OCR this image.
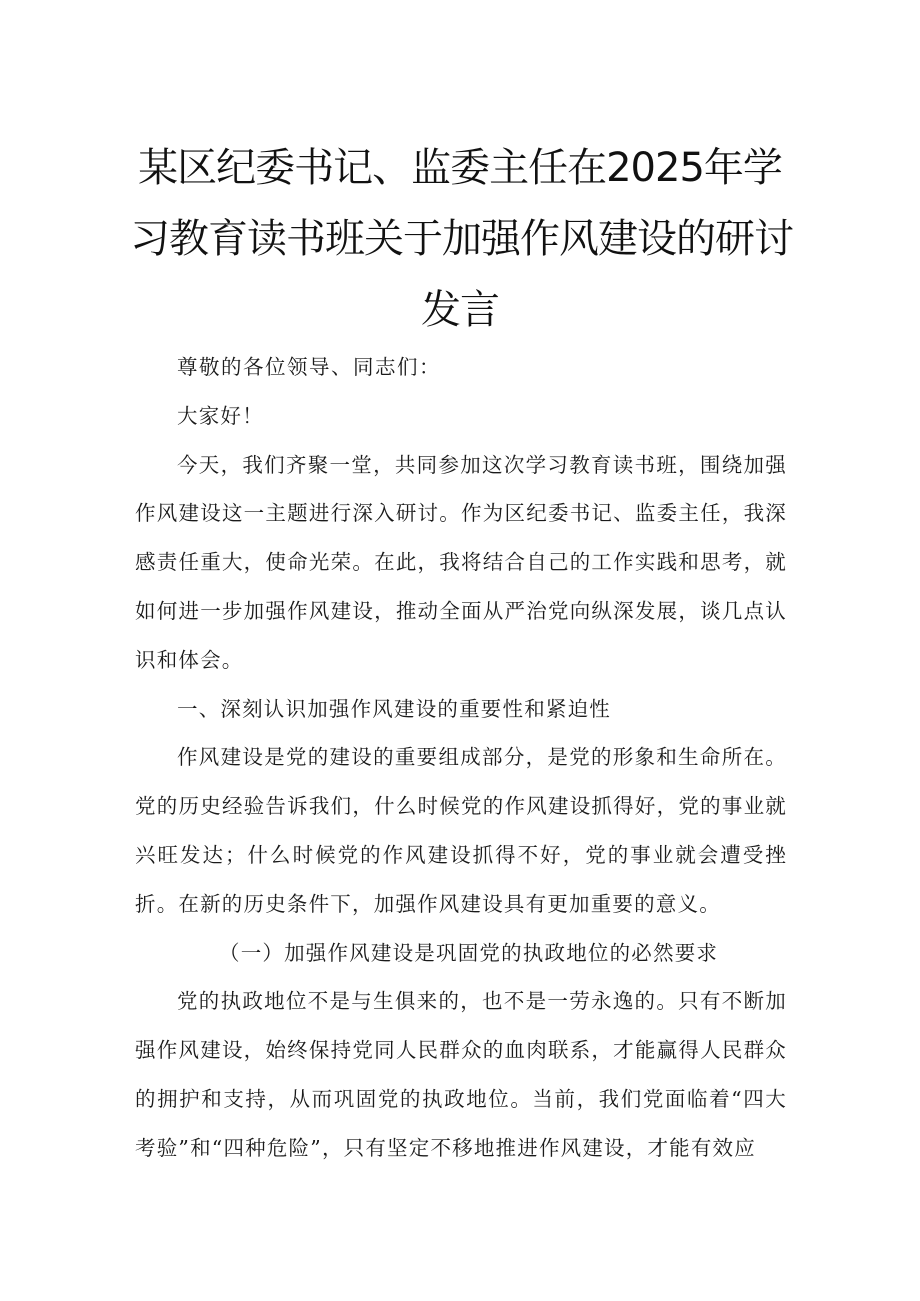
某区纪委书记、监委主任在2025年学
习教育读书班关于加强作风建设的研讨
发言

尊敬的各位领导、同志们：

大家好！

今天，我们齐聚一堂，共同参加这次学习教育读书班，围绕加强作风建设这一主题进行深入研讨。作为区纪委书记、监委主任，我深感责任重大，使命光荣。在此，我将结合自己的工作实践和思考，就如何进一步加强作风建设，推动全面从严治党向纵深发展，谈几点认识和体会。

一、深刻认识加强作风建设的重要性和紧迫性

作风建设是党的建设的重要组成部分，是党的形象和生命所在。党的历史经验告诉我们，什么时候党的作风建设抓得好，党的事业就兴旺发达；什么时候党的作风建设抓得不好，党的事业就会遭受挫折。在新的历史条件下，加强作风建设具有更加重要的意义。

（一）加强作风建设是巩固党的执政地位的必然要求

党的执政地位不是与生俱来的，也不是一劳永逸的。只有不断加强作风建设，始终保持党同人民群众的血肉联系，才能赢得人民群众的拥护和支持，从而巩固党的执政地位。当前，我们党面临着“四大考验”和“四种危险”，只有坚定不移地推进作风建设，才能有效应
